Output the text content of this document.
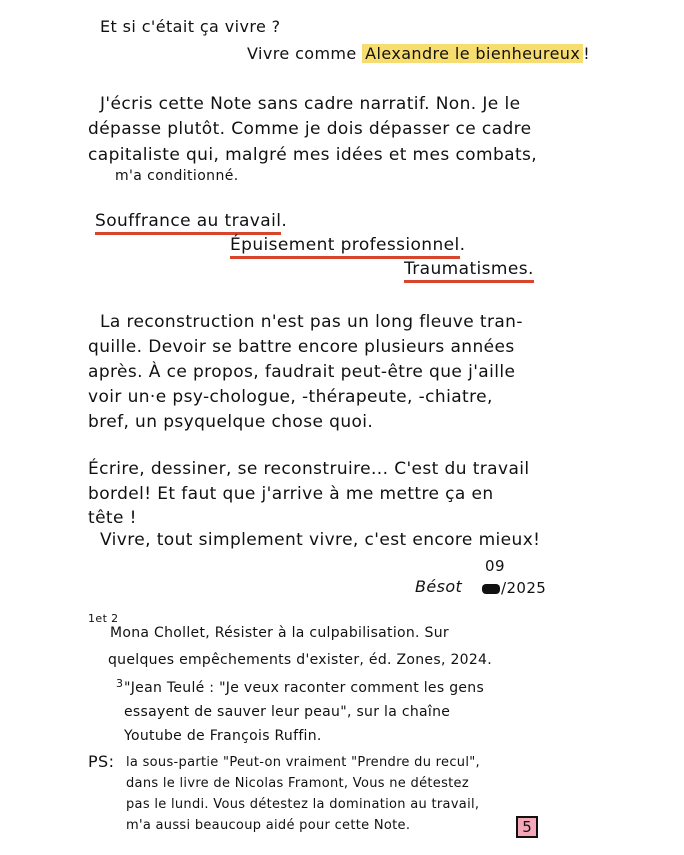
Et si c'était ça vivre ?
Vivre comme Alexandre le bienheureux !
J'écris cette Note sans cadre narratif. Non. Je le
dépasse plutôt. Comme je dois dépasser ce cadre
capitaliste qui, malgré mes idées et mes combats,
m'a conditionné.
Souffrance au travail.
Épuisement professionnel.
Traumatismes.
La reconstruction n'est pas un long fleuve tran-
quille. Devoir se battre encore plusieurs années
après. À ce propos, faudrait peut-être que j'aille
voir un·e psy-chologue, -thérapeute, -chiatre,
bref, un psyquelque chose quoi.
Écrire, dessiner, se reconstruire... C'est du travail
bordel! Et faut que j'arrive à me mettre ça en
tête !
Vivre, tout simplement vivre, c'est encore mieux!
09
Bésot	/2025
1et 2
Mona Chollet, Résister à la culpabilisation. Sur
quelques empêchements d'exister, éd. Zones, 2024.
3 "Jean Teulé : "Je veux raconter comment les gens
essayent de sauver leur peau", sur la chaîne
Youtube de François Ruffin.
PS: la sous-partie "Peut-on vraiment "Prendre du recul",
dans le livre de Nicolas Framont, Vous ne détestez
pas le lundi. Vous détestez la domination au travail,
m'a aussi beaucoup aidé pour cette Note.	5
